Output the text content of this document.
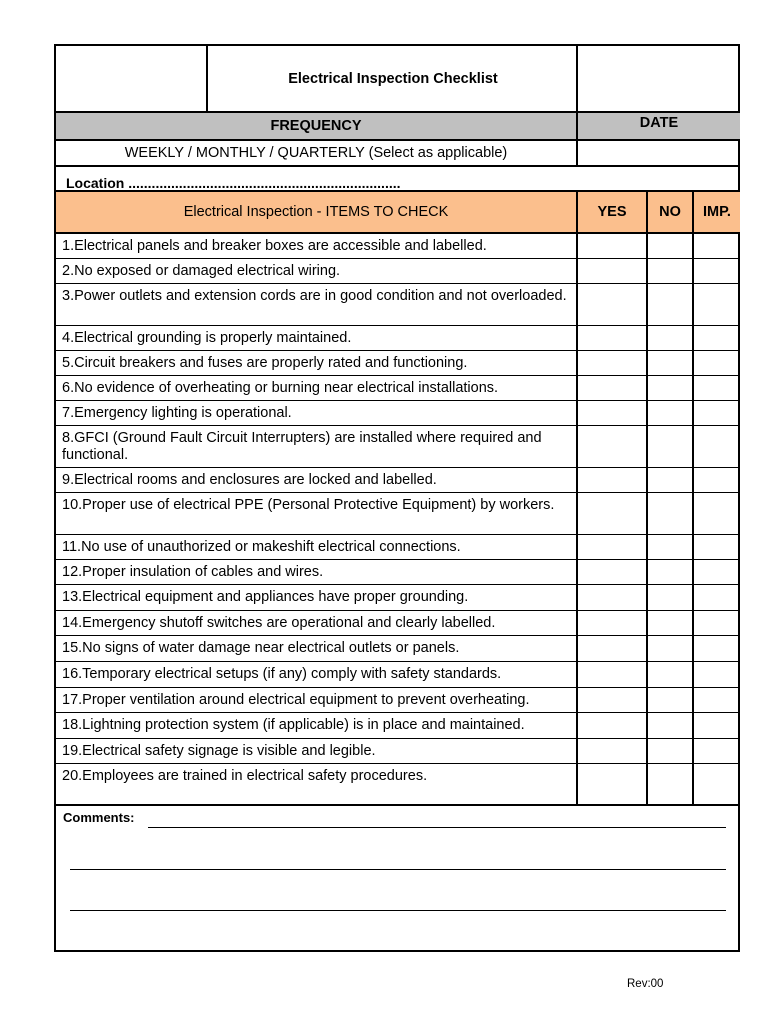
Electrical Inspection Checklist
FREQUENCY	DATE
WEEKLY / MONTHLY / QUARTERLY (Select as applicable)
Location ......................................................................
Electrical Inspection - ITEMS TO CHECK	YES	NO	IMP.
1.Electrical panels and breaker boxes are accessible and labelled.
2.No exposed or damaged electrical wiring.
3.Power outlets and extension cords are in good condition and not overloaded.
4.Electrical grounding is properly maintained.
5.Circuit breakers and fuses are properly rated and functioning.
6.No evidence of overheating or burning near electrical installations.
7.Emergency lighting is operational.
8.GFCI (Ground Fault Circuit Interrupters) are installed where required and functional.
9.Electrical rooms and enclosures are locked and labelled.
10.Proper use of electrical PPE (Personal Protective Equipment) by workers.
11.No use of unauthorized or makeshift electrical connections.
12.Proper insulation of cables and wires.
13.Electrical equipment and appliances have proper grounding.
14.Emergency shutoff switches are operational and clearly labelled.
15.No signs of water damage near electrical outlets or panels.
16.Temporary electrical setups (if any) comply with safety standards.
17.Proper ventilation around electrical equipment to prevent overheating.
18.Lightning protection system (if applicable) is in place and maintained.
19.Electrical safety signage is visible and legible.
20.Employees are trained in electrical safety procedures.
Comments:
Rev:00
